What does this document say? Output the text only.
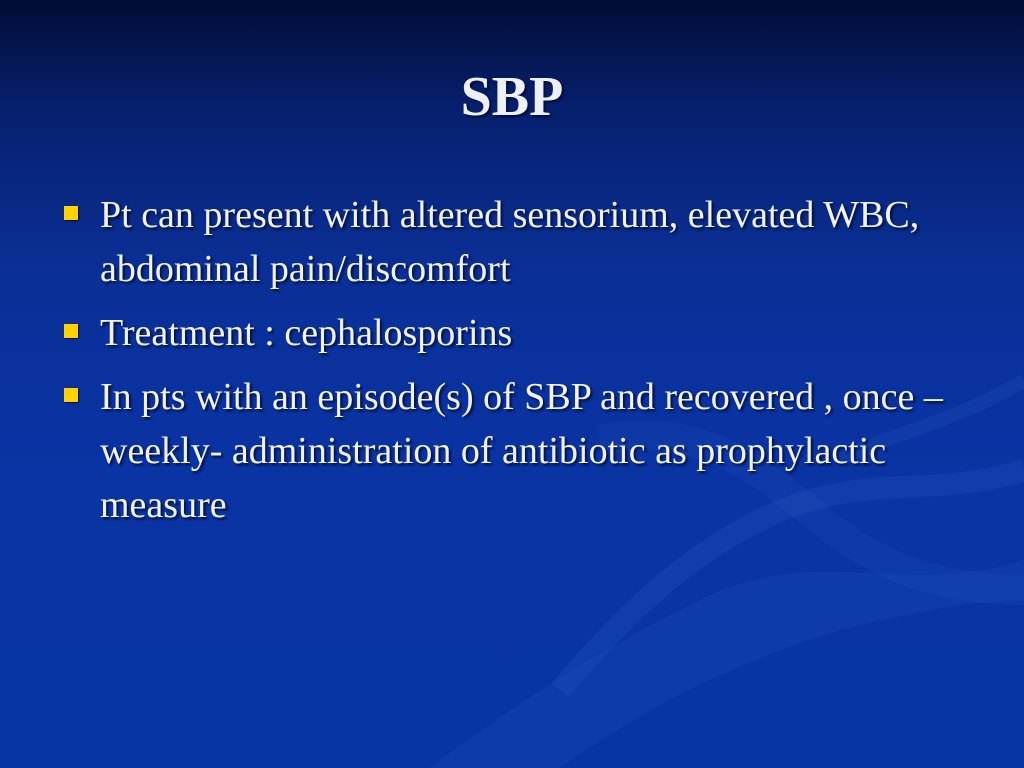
SBP
Pt can present with altered sensorium, elevated WBC, abdominal pain/discomfort
Treatment : cephalosporins
In pts with an episode(s) of SBP and recovered , once –weekly- administration of antibiotic as prophylactic measure
